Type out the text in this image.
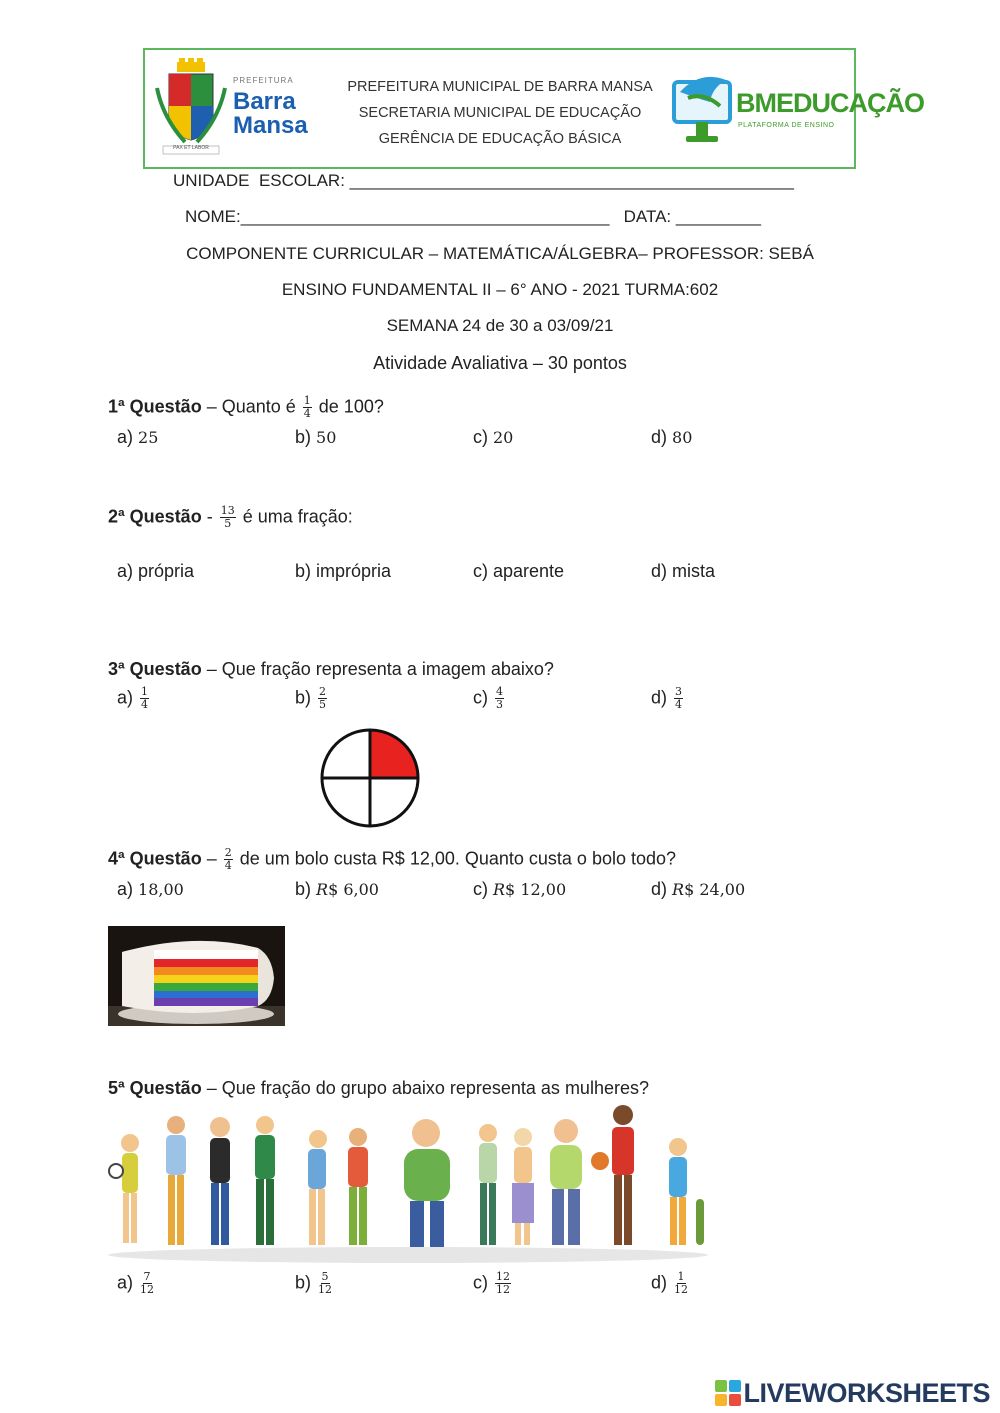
PAX ET LABOR
PREFEITURA
Barra
Mansa
PREFEITURA MUNICIPAL DE BARRA MANSA
SECRETARIA MUNICIPAL DE EDUCAÇÃO
GERÊNCIA DE EDUCAÇÃO BÁSICA
BMEDUCAÇÃO
PLATAFORMA DE ENSINO
UNIDADE  ESCOLAR: _______________________________________________
NOME:_______________________________________   DATA: _________
COMPONENTE CURRICULAR – MATEMÁTICA/ÁLGEBRA– PROFESSOR: SEBÁ
ENSINO FUNDAMENTAL II – 6° ANO - 2021 TURMA:602
SEMANA 24 de 30 a 03/09/21
Atividade Avaliativa – 30 pontos
1ª Questão – Quanto é $\frac{1}{4}$ de 100?
a) 25	b) 50	c) 20	d) 80
2ª Questão - $\frac{13}{5}$ é uma fração:
a) própria	b) imprópria	c) aparente	d) mista
3ª Questão – Que fração representa a imagem abaixo?
$a) \frac{1}{4}$	$b) \frac{2}{5}$	$c) \frac{4}{3}$	$d) \frac{3}{4}$
4ª Questão – $\frac{2}{4}$ de um bolo custa R$ 12,00. Quanto custa o bolo todo?
a) 18,00	b) R$ 6,00	c) R$ 12,00	d) R$ 24,00
5ª Questão – Que fração do grupo abaixo representa as mulheres?
$a) \frac{7}{12}$	$b) \frac{5}{12}$	$c) \frac{12}{12}$	$d) \frac{1}{12}$
LIVEWORKSHEETS
